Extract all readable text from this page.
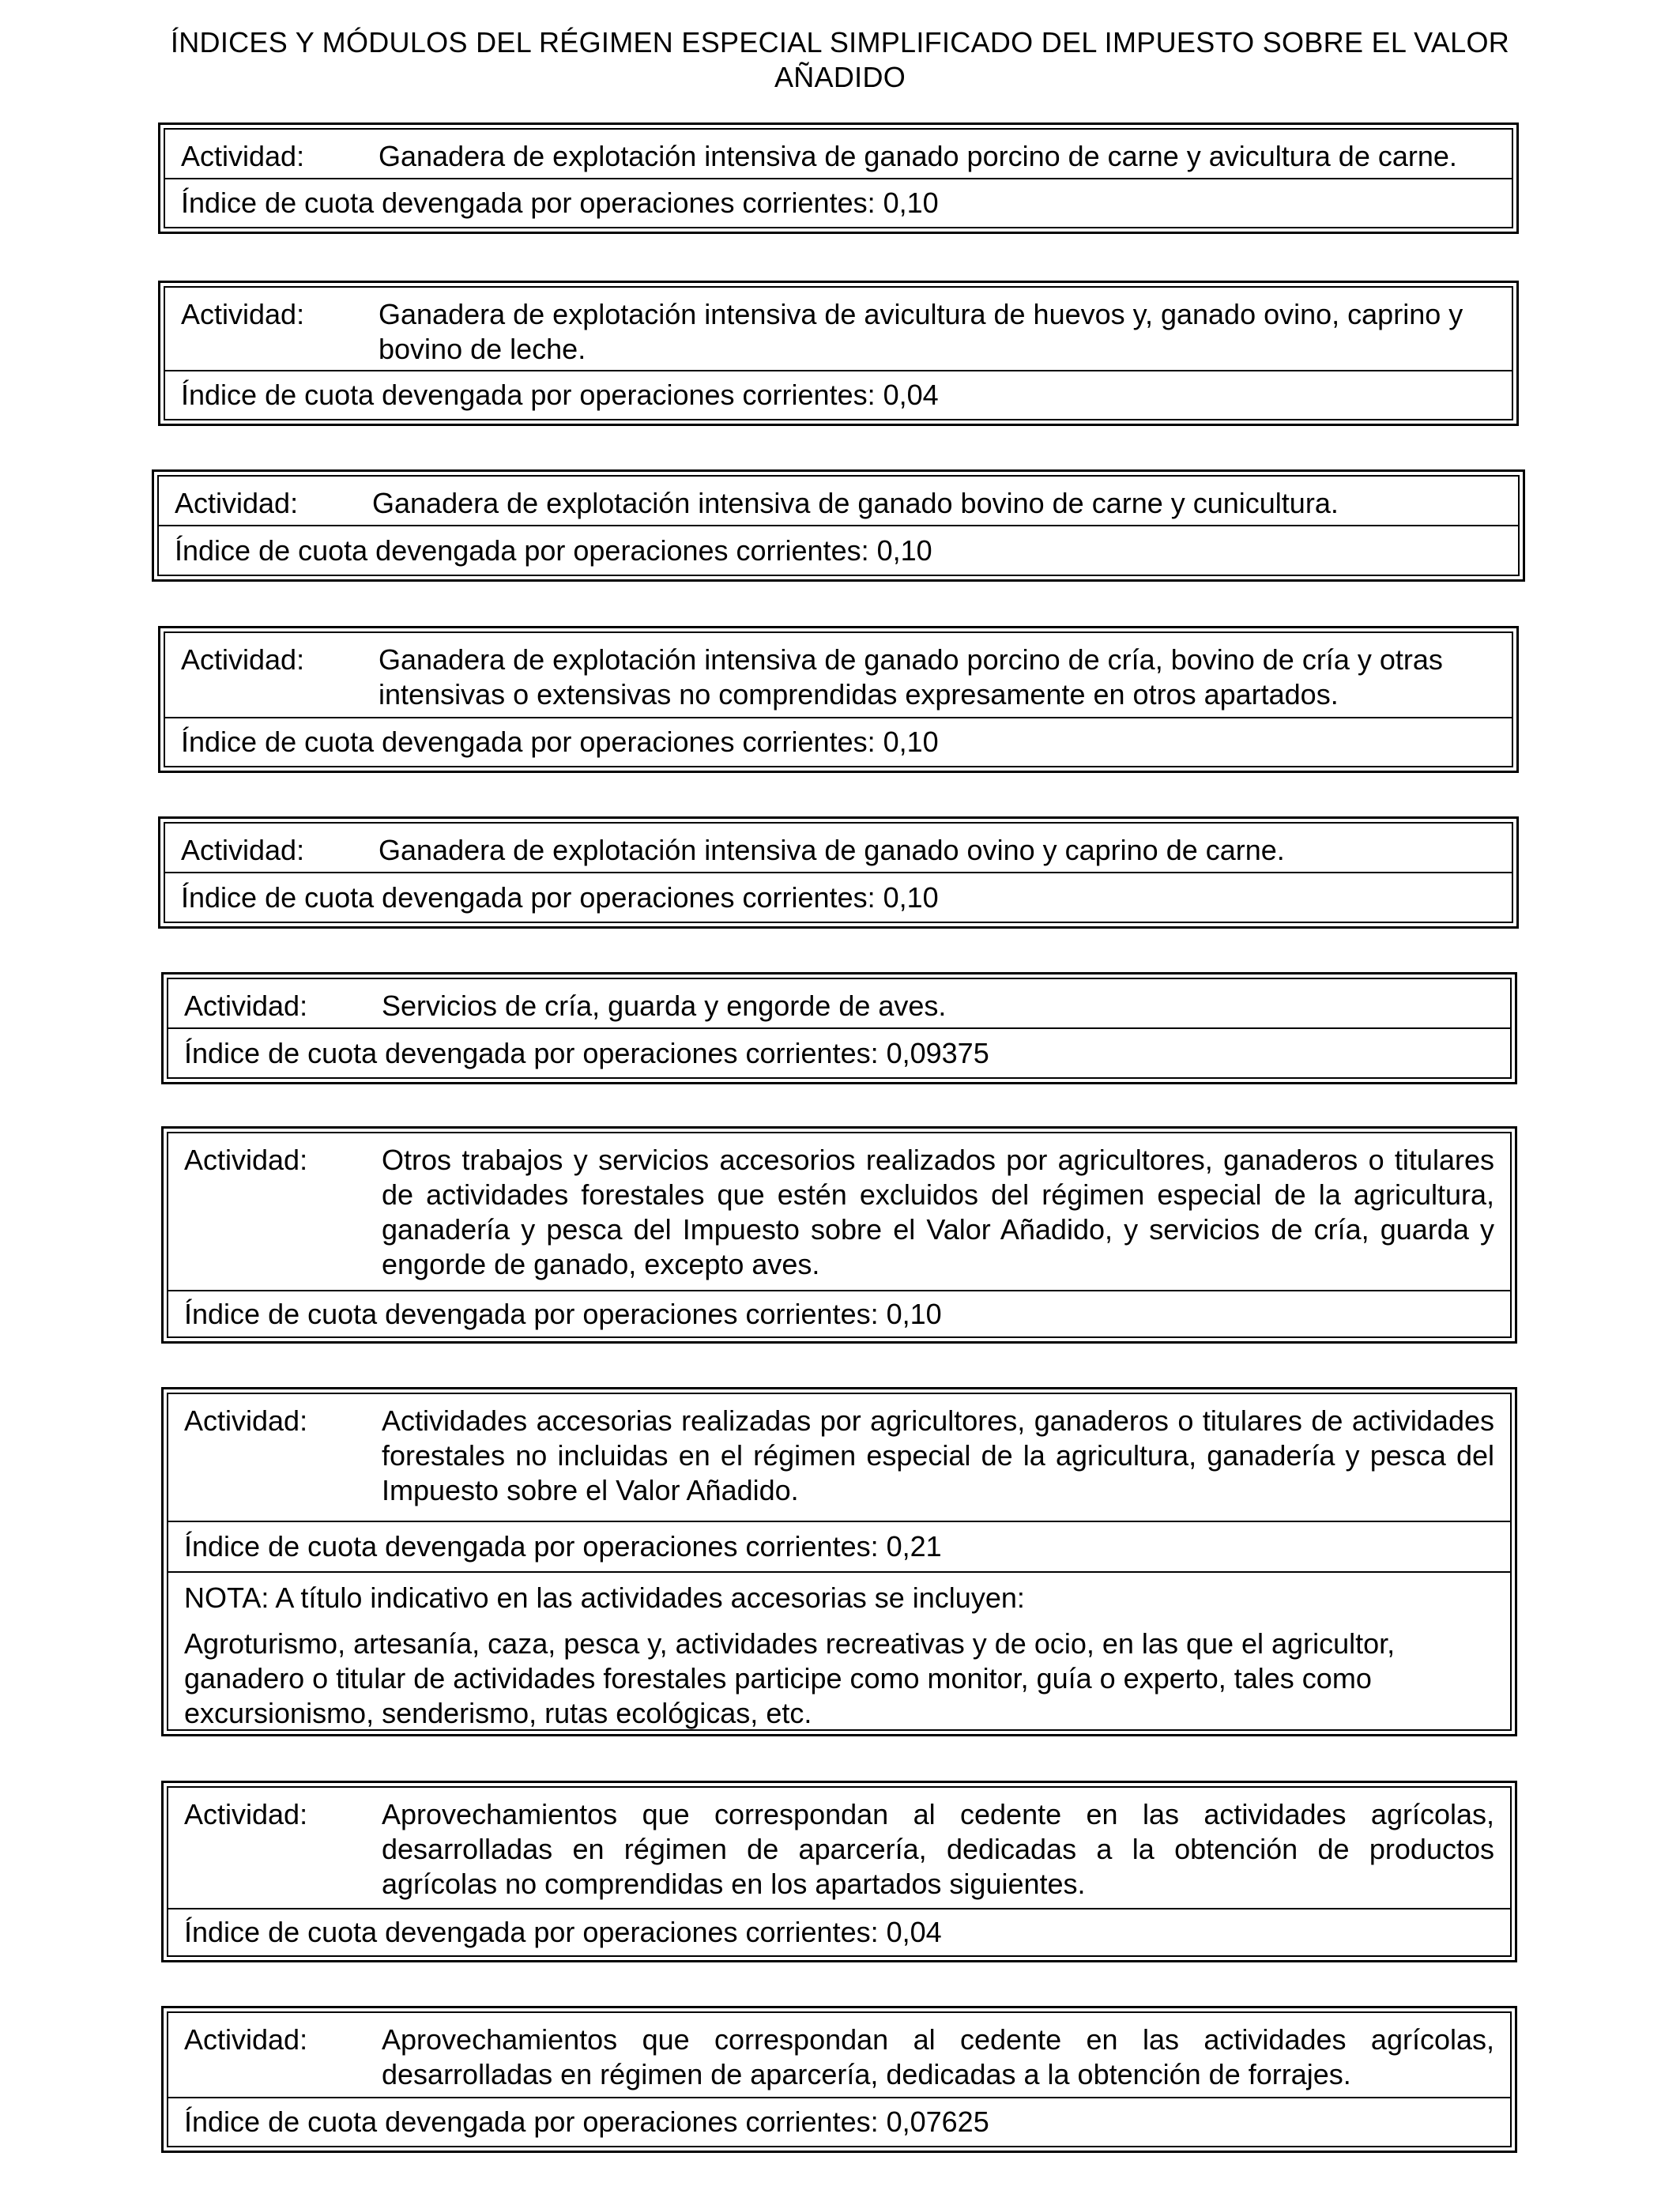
ÍNDICES Y MÓDULOS DEL RÉGIMEN ESPECIAL SIMPLIFICADO DEL IMPUESTO SOBRE EL VALOR AÑADIDO
Actividad:	Ganadera de explotación intensiva de ganado porcino de carne y avicultura de carne.
Índice de cuota devengada por operaciones corrientes: 0,10
Actividad:	Ganadera de explotación intensiva de avicultura de huevos y, ganado ovino, caprino y bovino de leche.
Índice de cuota devengada por operaciones corrientes: 0,04
Actividad:	Ganadera de explotación intensiva de ganado bovino de carne y cunicultura.
Índice de cuota devengada por operaciones corrientes: 0,10
Actividad:	Ganadera de explotación intensiva de ganado porcino de cría, bovino de cría y otras intensivas o extensivas no comprendidas expresamente en otros apartados.
Índice de cuota devengada por operaciones corrientes: 0,10
Actividad:	Ganadera de explotación intensiva de ganado ovino y caprino de carne.
Índice de cuota devengada por operaciones corrientes: 0,10
Actividad:	Servicios de cría, guarda y engorde de aves.
Índice de cuota devengada por operaciones corrientes: 0,09375
Actividad:	Otros trabajos y servicios accesorios realizados por agricultores, ganaderos o titulares de actividades forestales que estén excluidos del régimen especial de la agricultura, ganadería y pesca del Impuesto sobre el Valor Añadido, y servicios de cría, guarda y engorde de ganado, excepto aves.
Índice de cuota devengada por operaciones corrientes: 0,10
Actividad:	Actividades accesorias realizadas por agricultores, ganaderos o titulares de actividades forestales no incluidas en el régimen especial de la agricultura, ganadería y pesca del Impuesto sobre el Valor Añadido.
Índice de cuota devengada por operaciones corrientes: 0,21
NOTA: A título indicativo en las actividades accesorias se incluyen:
Agroturismo, artesanía, caza, pesca y, actividades recreativas y de ocio, en las que el agricultor, ganadero o titular de actividades forestales participe como monitor, guía o experto, tales como excursionismo, senderismo, rutas ecológicas, etc.
Actividad:	Aprovechamientos que correspondan al cedente en las actividades agrícolas, desarrolladas en régimen de aparcería, dedicadas a la obtención de productos agrícolas no comprendidas en los apartados siguientes.
Índice de cuota devengada por operaciones corrientes: 0,04
Actividad:	Aprovechamientos que correspondan al cedente en las actividades agrícolas, desarrolladas en régimen de aparcería, dedicadas a la obtención de forrajes.
Índice de cuota devengada por operaciones corrientes: 0,07625
